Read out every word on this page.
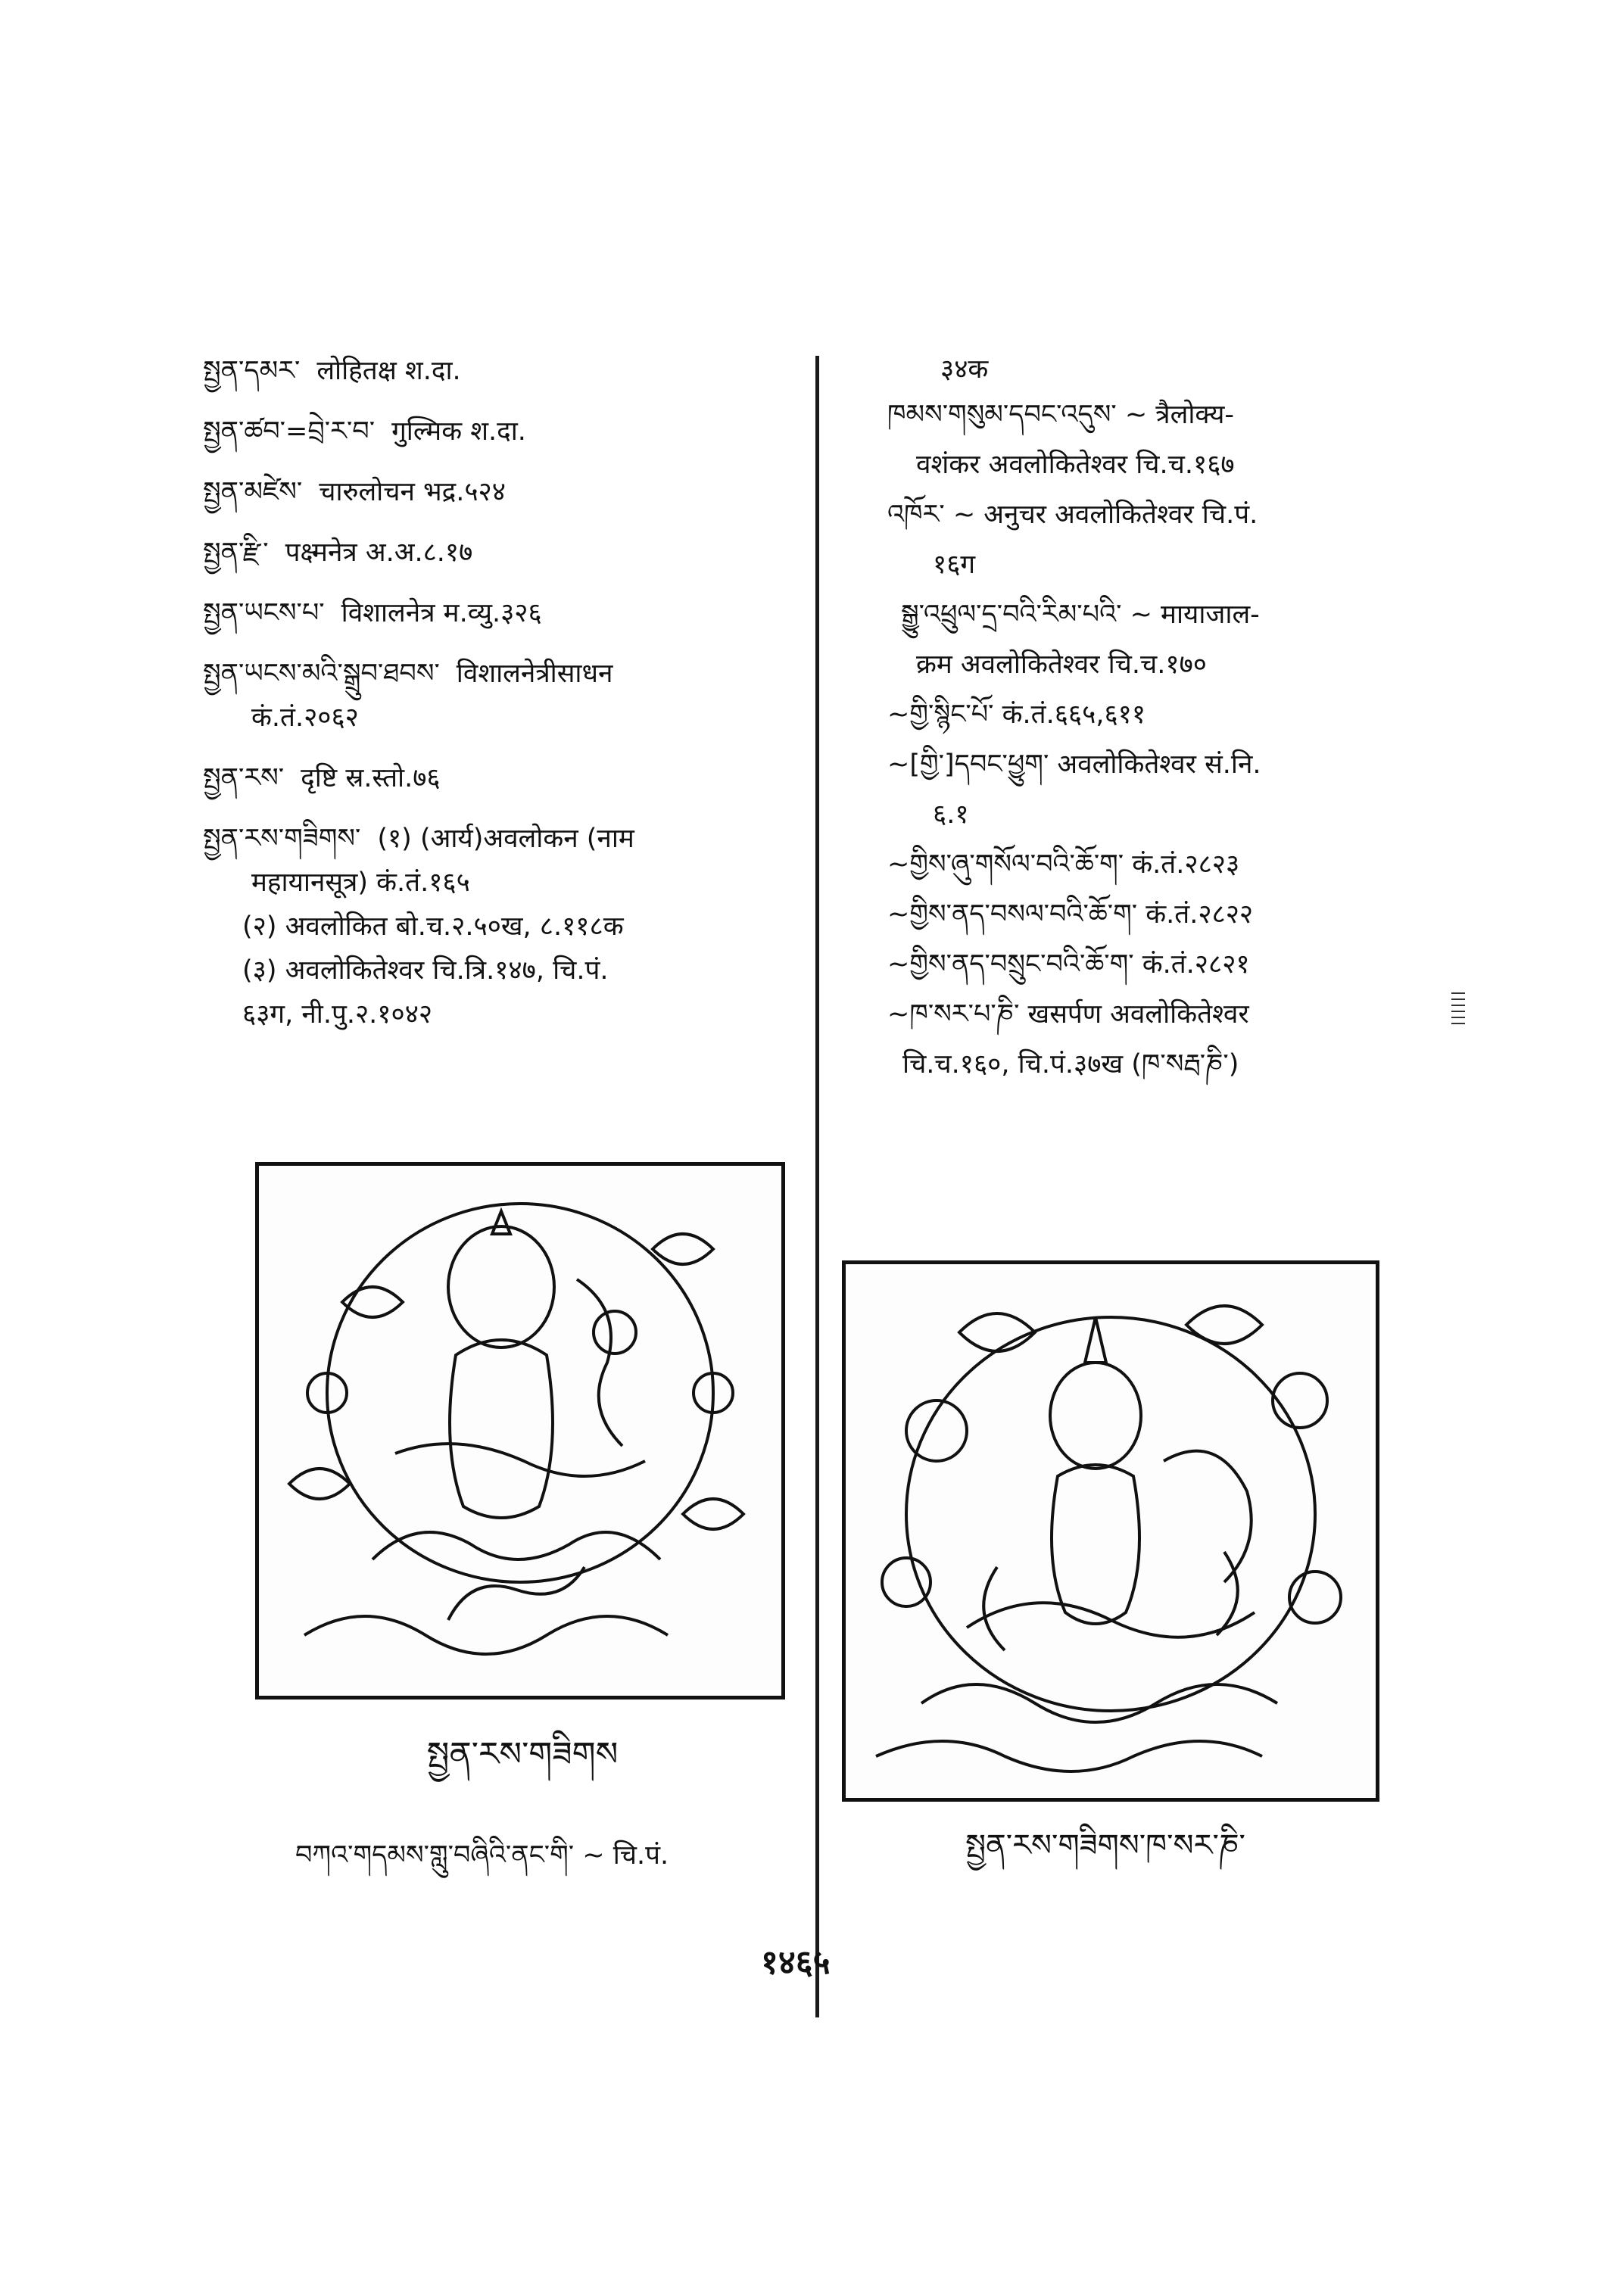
སྤྱན་དམར་ लोहितक्ष श.दा.
སྤྱན་ཚབ་=བྲེ་ར་བ་ गुल्मिक श.दा.
སྤྱན་མཛེས་ चारुलोचन भद्र.५२४
སྤྱན་རྫི་ पक्ष्मनेत्र अ.अ.८.१७
སྤྱན་ཡངས་པ་ विशालनेत्र म.व्यु.३२६
སྤྱན་ཡངས་མའི་སྒྲུབ་ཐབས་ विशालनेत्रीसाधन
कं.तं.२०६२
སྤྱན་རས་ दृष्टि स्र.स्तो.७६
སྤྱན་རས་གཟིགས་ (१) (आर्य)अवलोकन (नाम
महायानसूत्र) कं.तं.१६५
(२) अवलोकित बो.च.२.५०ख, ८.११८क
(३) अवलोकितेश्वर चि.त्रि.१४७, चि.पं.
६३ग, नी.पु.२.१०४२
३४क
ཁམས་གསུམ་དབང་འདུས་ ~ त्रैलोक्य-
वशंकर अवलोकितेश्वर चि.च.१६७
འཁོར་ ~ अनुचर अवलोकितेश्वर चि.पं.
१६ग
སྒྱུ་འཕྲུལ་དྲ་བའི་རིམ་པའི་ ~ मायाजाल-
क्रम अवलोकितेश्वर चि.च.१७०
~གྱི་སྙིང་པོ་ कं.तं.६६५,६११
~[གྱི་]དབང་ཕྱུག་ अवलोकितेश्वर सं.नि.
६.१
~གྱིས་ཞུ་གསོལ་བའི་ཆོ་ག་ कं.तं.२८२३
~གྱིས་ནད་བསལ་བའི་ཆོ་ག་ कं.तं.२८२२
~གྱིས་ནད་བསྲུང་བའི་ཆོ་ག་ कं.तं.२८२१
~ཁ་སར་པ་ཎི་ खसर्पण अवलोकितेश्वर
चि.च.१६०, चि.पं.३७ख (ཁ་སརྦ་ཎི་)
སྤྱན་རས་གཟིགས
སྤྱན་རས་གཟིགས་ཁ་སར་ཎི་
བཀའ་གདམས་གླུ་བཞིའི་ནང་གི་ ~ चि.पं.
१४६५
